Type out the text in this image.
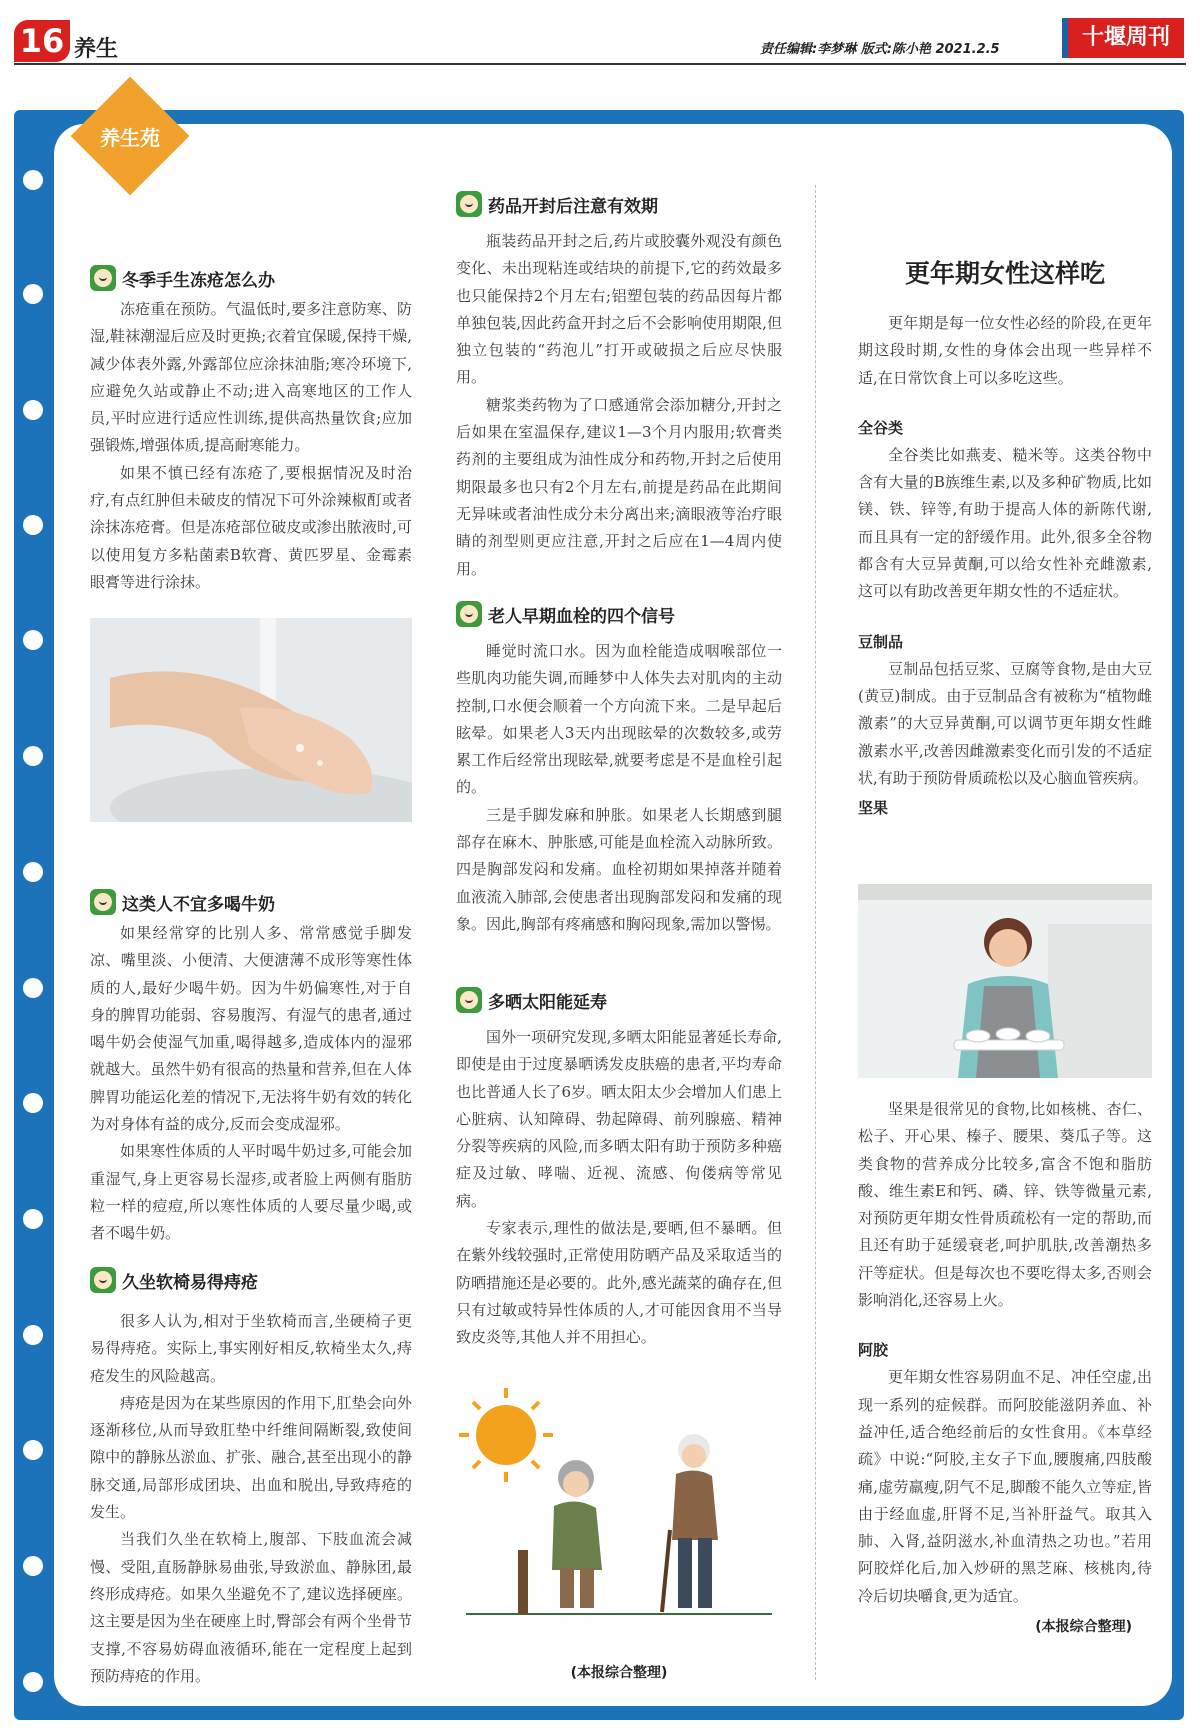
16 养生	责任编辑:李梦琳 版式:陈小艳 2021.2.5	十堰周刊
养生苑
冬季手生冻疮怎么办

冻疮重在预防。气温低时,要多注意防寒、防湿,鞋袜潮湿后应及时更换;衣着宜保暖,保持干燥,减少体表外露,外露部位应涂抹油脂;寒冷环境下,应避免久站或静止不动;进入高寒地区的工作人员,平时应进行适应性训练,提供高热量饮食;应加强锻炼,增强体质,提高耐寒能力。

如果不慎已经有冻疮了,要根据情况及时治疗,有点红肿但未破皮的情况下可外涂辣椒酊或者涂抹冻疮膏。但是冻疮部位破皮或渗出脓液时,可以使用复方多粘菌素B软膏、黄匹罗星、金霉素眼膏等进行涂抹。

这类人不宜多喝牛奶

如果经常穿的比别人多、常常感觉手脚发凉、嘴里淡、小便清、大便溏薄不成形等寒性体质的人,最好少喝牛奶。因为牛奶偏寒性,对于自身的脾胃功能弱、容易腹泻、有湿气的患者,通过喝牛奶会使湿气加重,喝得越多,造成体内的湿邪就越大。虽然牛奶有很高的热量和营养,但在人体脾胃功能运化差的情况下,无法将牛奶有效的转化为对身体有益的成分,反而会变成湿邪。

如果寒性体质的人平时喝牛奶过多,可能会加重湿气,身上更容易长湿疹,或者脸上两侧有脂肪粒一样的痘痘,所以寒性体质的人要尽量少喝,或者不喝牛奶。

久坐软椅易得痔疮

很多人认为,相对于坐软椅而言,坐硬椅子更易得痔疮。实际上,事实刚好相反,软椅坐太久,痔疮发生的风险越高。

痔疮是因为在某些原因的作用下,肛垫会向外逐渐移位,从而导致肛垫中纤维间隔断裂,致使间隙中的静脉丛淤血、扩张、融合,甚至出现小的静脉交通,局部形成团块、出血和脱出,导致痔疮的发生。

当我们久坐在软椅上,腹部、下肢血流会减慢、受阻,直肠静脉易曲张,导致淤血、静脉团,最终形成痔疮。如果久坐避免不了,建议选择硬座。这主要是因为坐在硬座上时,臀部会有两个坐骨节支撑,不容易妨碍血液循环,能在一定程度上起到预防痔疮的作用。

药品开封后注意有效期

瓶装药品开封之后,药片或胶囊外观没有颜色变化、未出现粘连或结块的前提下,它的药效最多也只能保持2个月左右;铝塑包装的药品因每片都单独包装,因此药盒开封之后不会影响使用期限,但独立包装的“药泡儿”打开或破损之后应尽快服用。

糖浆类药物为了口感通常会添加糖分,开封之后如果在室温保存,建议1—3个月内服用;软膏类药剂的主要组成为油性成分和药物,开封之后使用期限最多也只有2个月左右,前提是药品在此期间无异味或者油性成分未分离出来;滴眼液等治疗眼睛的剂型则更应注意,开封之后应在1—4周内使用。

老人早期血栓的四个信号

睡觉时流口水。因为血栓能造成咽喉部位一些肌肉功能失调,而睡梦中人体失去对肌肉的主动控制,口水便会顺着一个方向流下来。二是早起后眩晕。如果老人3天内出现眩晕的次数较多,或劳累工作后经常出现眩晕,就要考虑是不是血栓引起的。

三是手脚发麻和肿胀。如果老人长期感到腿部存在麻木、肿胀感,可能是血栓流入动脉所致。四是胸部发闷和发痛。血栓初期如果掉落并随着血液流入肺部,会使患者出现胸部发闷和发痛的现象。因此,胸部有疼痛感和胸闷现象,需加以警惕。

多晒太阳能延寿

国外一项研究发现,多晒太阳能显著延长寿命,即使是由于过度暴晒诱发皮肤癌的患者,平均寿命也比普通人长了6岁。晒太阳太少会增加人们患上心脏病、认知障碍、勃起障碍、前列腺癌、精神分裂等疾病的风险,而多晒太阳有助于预防多种癌症及过敏、哮喘、近视、流感、佝偻病等常见病。

专家表示,理性的做法是,要晒,但不暴晒。但在紫外线较强时,正常使用防晒产品及采取适当的防晒措施还是必要的。此外,感光蔬菜的确存在,但只有过敏或特异性体质的人,才可能因食用不当导致皮炎等,其他人并不用担心。

(本报综合整理)
更年期女性这样吃

更年期是每一位女性必经的阶段,在更年期这段时期,女性的身体会出现一些异样不适,在日常饮食上可以多吃这些。

全谷类

全谷类比如燕麦、糙米等。这类谷物中含有大量的B族维生素,以及多种矿物质,比如镁、铁、锌等,有助于提高人体的新陈代谢,而且具有一定的舒缓作用。此外,很多全谷物都含有大豆异黄酮,可以给女性补充雌激素,这可以有助改善更年期女性的不适症状。

豆制品

豆制品包括豆浆、豆腐等食物,是由大豆(黄豆)制成。由于豆制品含有被称为“植物雌激素”的大豆异黄酮,可以调节更年期女性雌激素水平,改善因雌激素变化而引发的不适症状,有助于预防骨质疏松以及心脑血管疾病。

坚果

坚果是很常见的食物,比如核桃、杏仁、松子、开心果、榛子、腰果、葵瓜子等。这类食物的营养成分比较多,富含不饱和脂肪酸、维生素E和钙、磷、锌、铁等微量元素,对预防更年期女性骨质疏松有一定的帮助,而且还有助于延缓衰老,呵护肌肤,改善潮热多汗等症状。但是每次也不要吃得太多,否则会影响消化,还容易上火。

阿胶

更年期女性容易阴血不足、冲任空虚,出现一系列的症候群。而阿胶能滋阴养血、补益冲任,适合绝经前后的女性食用。《本草经疏》中说:“阿胶,主女子下血,腰腹痛,四肢酸痛,虚劳羸瘦,阴气不足,脚酸不能久立等症,皆由于经血虚,肝肾不足,当补肝益气。取其入肺、入肾,益阴滋水,补血清热之功也。”若用阿胶烊化后,加入炒研的黑芝麻、核桃肉,待冷后切块嚼食,更为适宜。

(本报综合整理)
